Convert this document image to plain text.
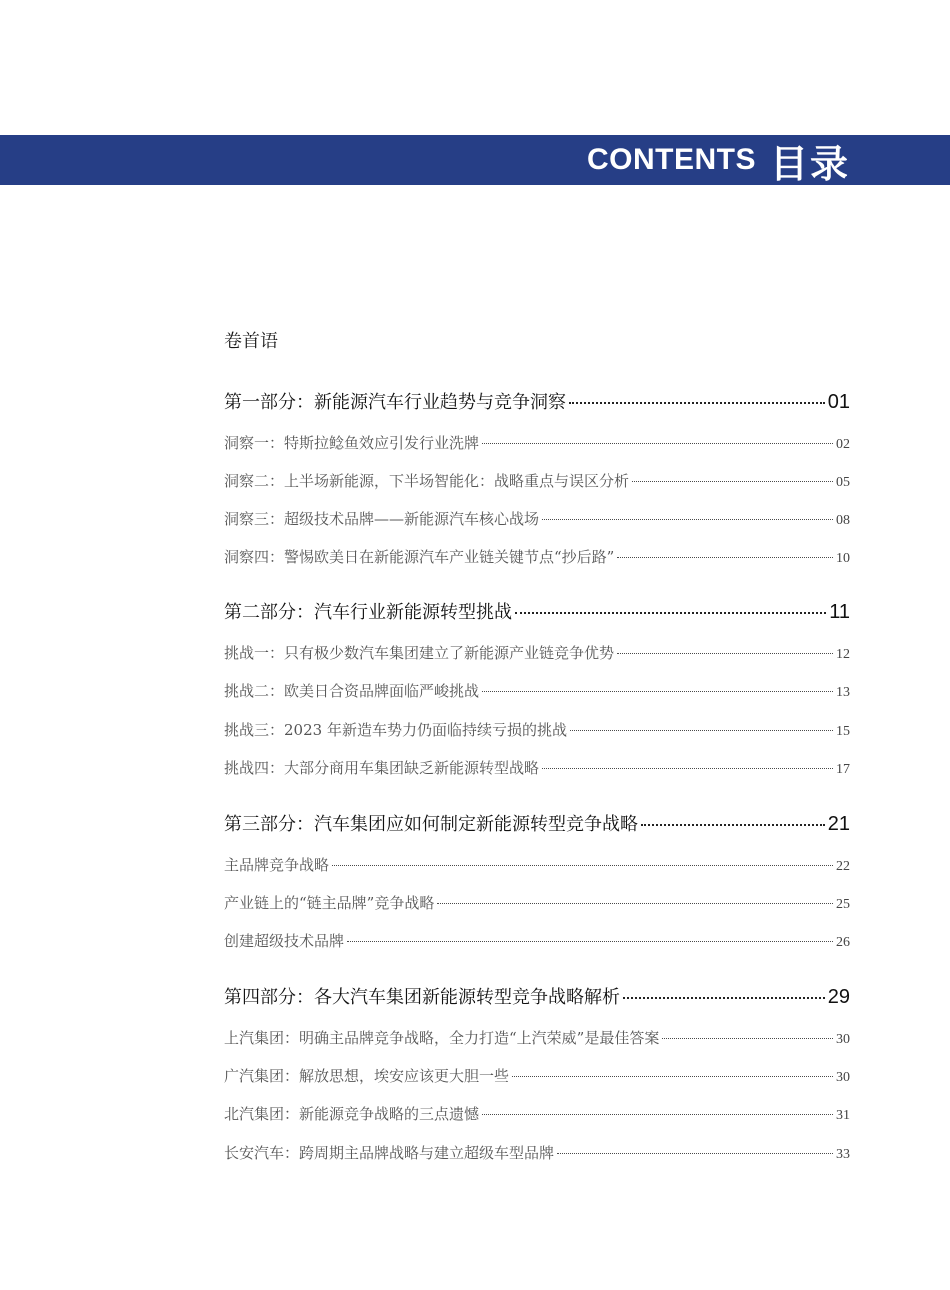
CONTENTS 目录
卷首语
第一部分：新能源汽车行业趋势与竞争洞察	01
洞察一：特斯拉鲶鱼效应引发行业洗牌	02
洞察二：上半场新能源，下半场智能化：战略重点与误区分析	05
洞察三：超级技术品牌——新能源汽车核心战场	08
洞察四：警惕欧美日在新能源汽车产业链关键节点“抄后路”	10
第二部分：汽车行业新能源转型挑战	11
挑战一：只有极少数汽车集团建立了新能源产业链竞争优势	12
挑战二：欧美日合资品牌面临严峻挑战	13
挑战三：2023 年新造车势力仍面临持续亏损的挑战	15
挑战四：大部分商用车集团缺乏新能源转型战略	17
第三部分：汽车集团应如何制定新能源转型竞争战略	21
主品牌竞争战略	22
产业链上的“链主品牌”竞争战略	25
创建超级技术品牌	26
第四部分：各大汽车集团新能源转型竞争战略解析	29
上汽集团：明确主品牌竞争战略，全力打造“上汽荣威”是最佳答案	30
广汽集团：解放思想，埃安应该更大胆一些	30
北汽集团：新能源竞争战略的三点遗憾	31
长安汽车：跨周期主品牌战略与建立超级车型品牌	33
